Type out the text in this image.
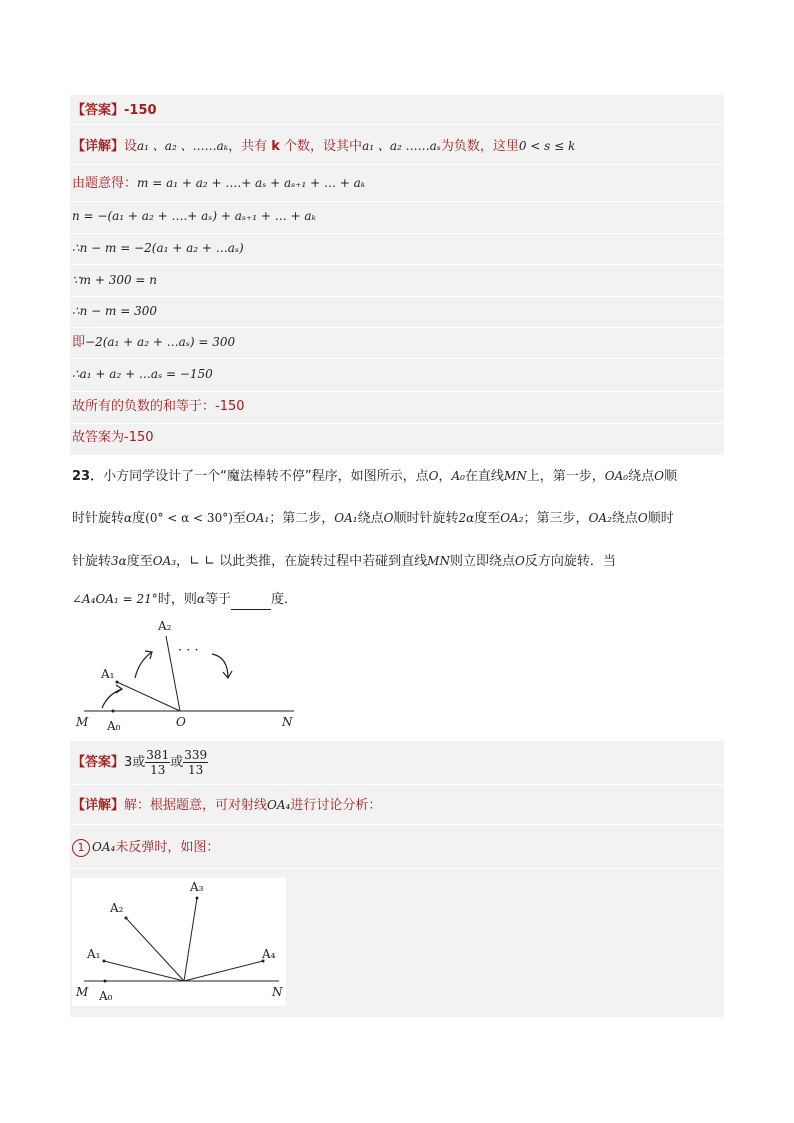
【答案】-150
【详解】设a₁ 、a₂ 、……aₖ，共有 k 个数，设其中a₁ 、a₂ ……aₛ为负数，这里0 < s ≤ k
由题意得：m = a₁ + a₂ + ….+ aₛ + aₛ₊₁ + … + aₖ
n = −(a₁ + a₂ + ….+ aₛ) + aₛ₊₁ + … + aₖ
∴n − m = −2(a₁ + a₂ + …aₛ)
∵m + 300 = n
∴n − m = 300
即−2(a₁ + a₂ + …aₛ) = 300
∴a₁ + a₂ + …aₛ = −150
故所有的负数的和等于：-150
故答案为-150
23．小方同学设计了一个“魔法棒转不停”程序，如图所示，点O，A₀在直线MN上，第一步，OA₀绕点O顺
时针旋转α度(0° < α < 30°)至OA₁；第二步，OA₁绕点O顺时针旋转2α度至OA₂；第三步，OA₂绕点O顺时
针旋转3α度至OA₃，∟ ∟ 以此类推，在旋转过程中若碰到直线MN则立即绕点O反方向旋转．当
∠A₄OA₁ = 21°时，则α等于	度．
· · ·
A₂
A₁
M A₀	O	N
【答案】3或 $\frac{381}{13}$ 或 $\frac{339}{13}$
【详解】解：根据题意，可对射线OA₄进行讨论分析：
1 OA₄未反弹时，如图：
A₃
A₂
A₁	A₄
M A₀	N
